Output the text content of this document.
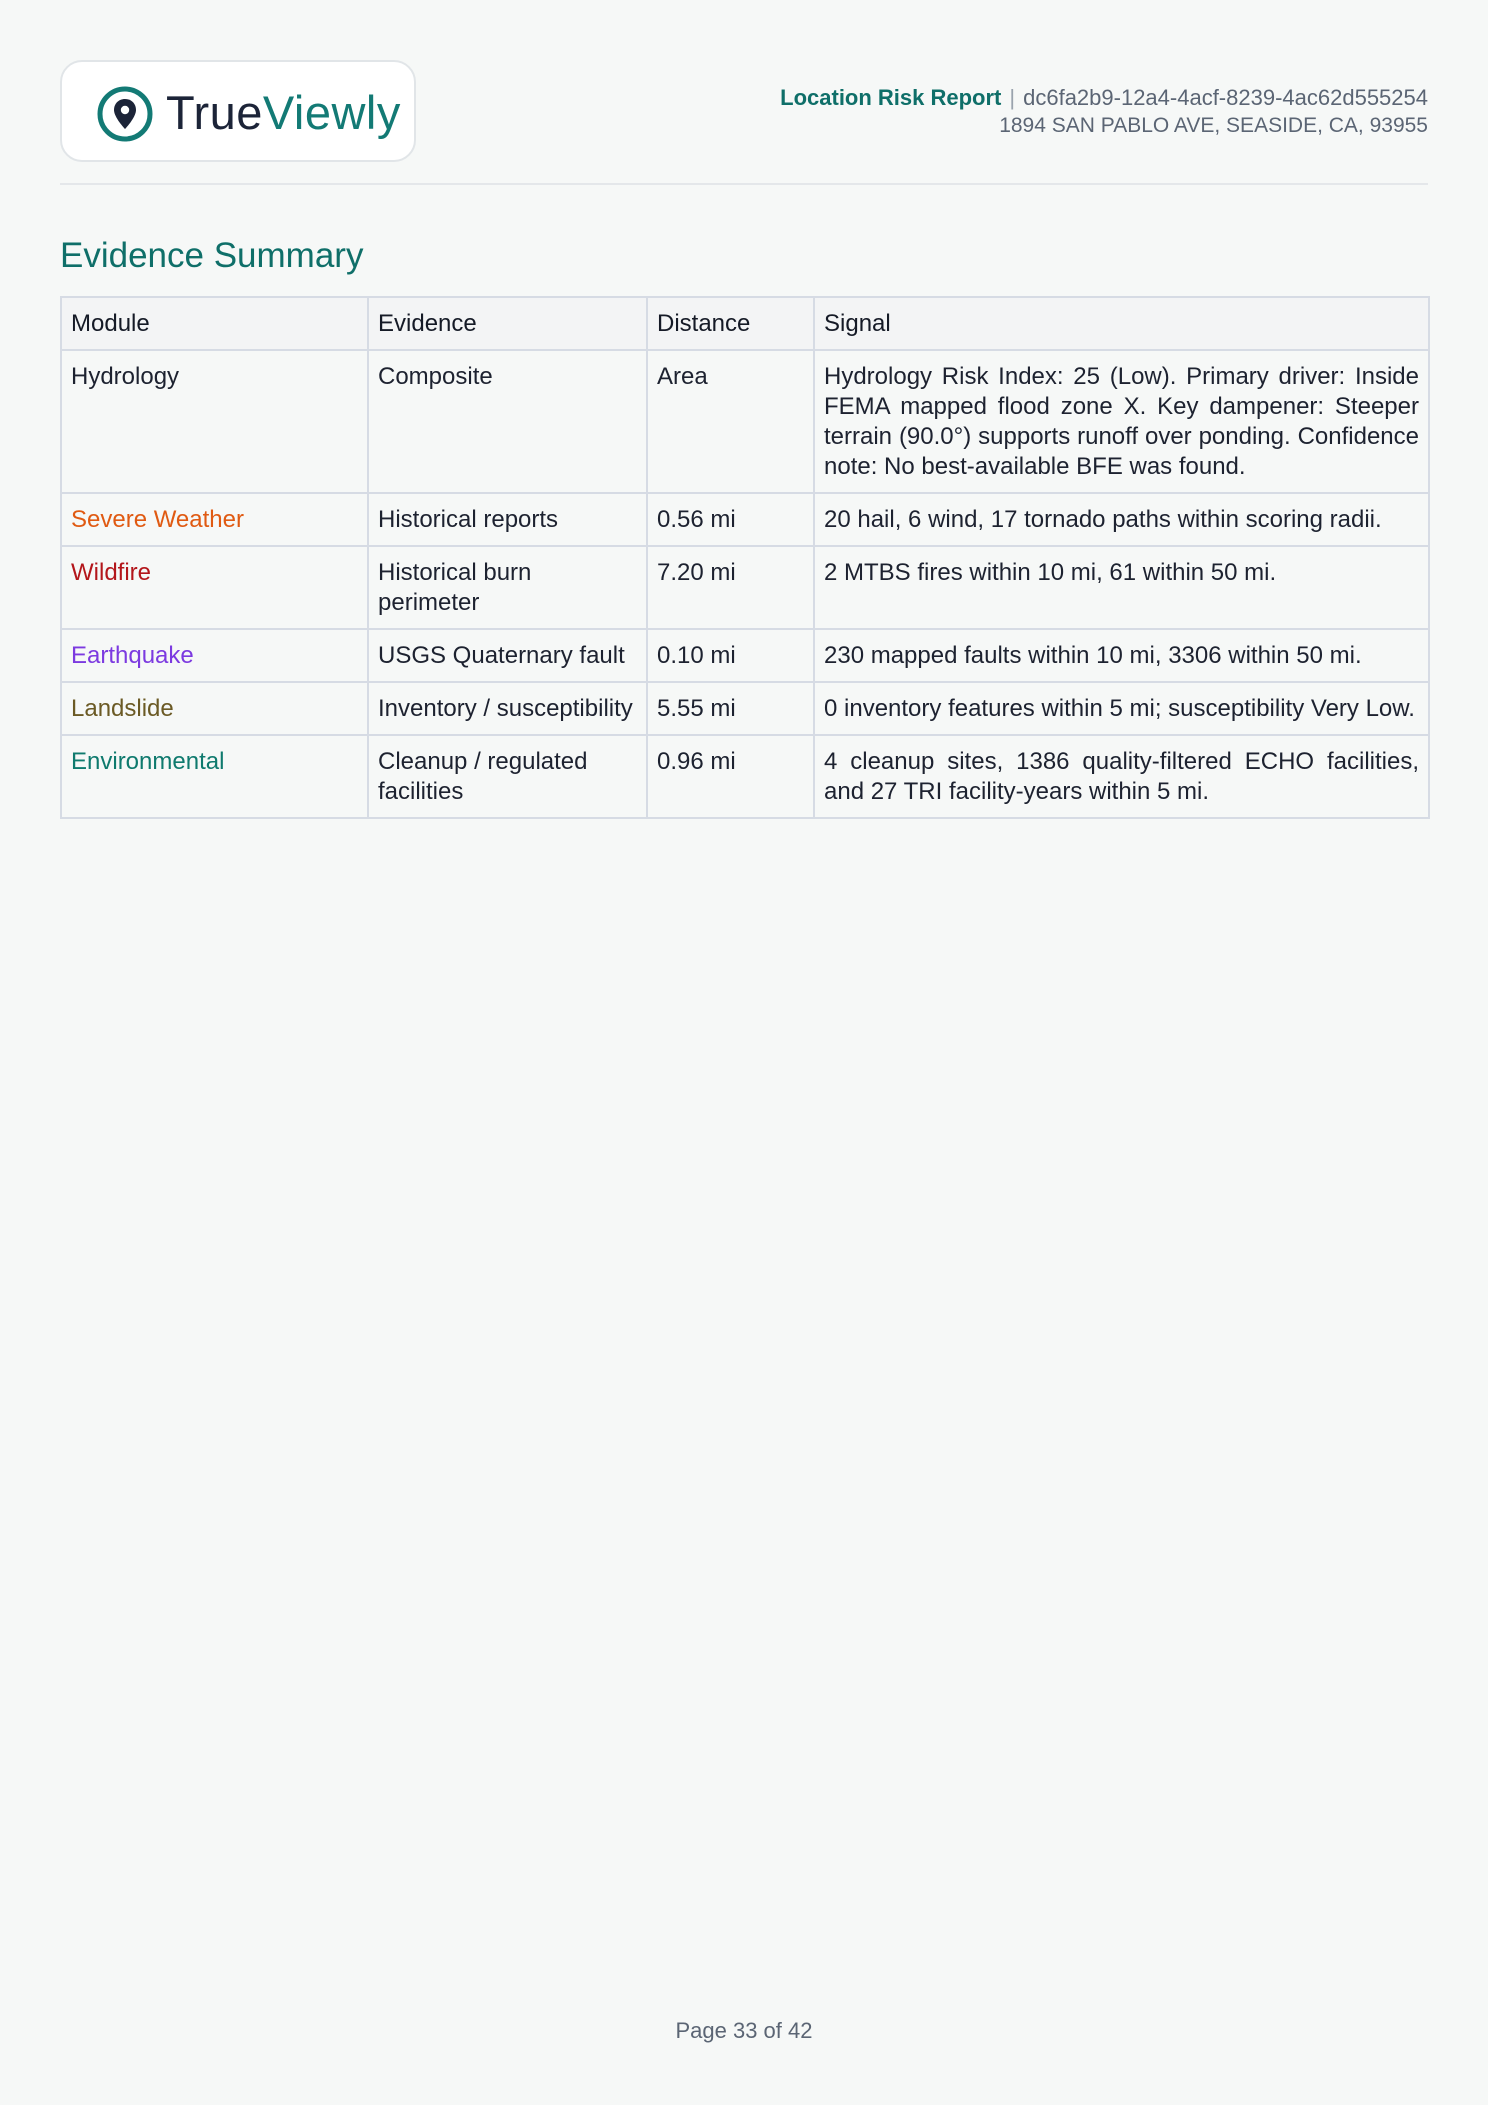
TrueViewly	Location Risk Report | dc6fa2b9-12a4-4acf-8239-4ac62d555254
1894 SAN PABLO AVE, SEASIDE, CA, 93955
Evidence Summary
Module	Evidence	Distance	Signal
Hydrology	Composite	Area	Hydrology Risk Index: 25 (Low). Primary driver: Inside FEMA mapped flood zone X. Key dampener: Steeper terrain (90.0°) supports runoff over ponding. Confidence note: No best-available BFE was found.
Severe Weather	Historical reports	0.56 mi	20 hail, 6 wind, 17 tornado paths within scoring radii.
Wildfire	Historical burn perimeter	7.20 mi	2 MTBS fires within 10 mi, 61 within 50 mi.
Earthquake	USGS Quaternary fault	0.10 mi	230 mapped faults within 10 mi, 3306 within 50 mi.
Landslide	Inventory / susceptibility	5.55 mi	0 inventory features within 5 mi; susceptibility Very Low.
Environmental	Cleanup / regulated facilities	0.96 mi	4 cleanup sites, 1386 quality-filtered ECHO facilities, and 27 TRI facility-years within 5 mi.
Page 33 of 42
